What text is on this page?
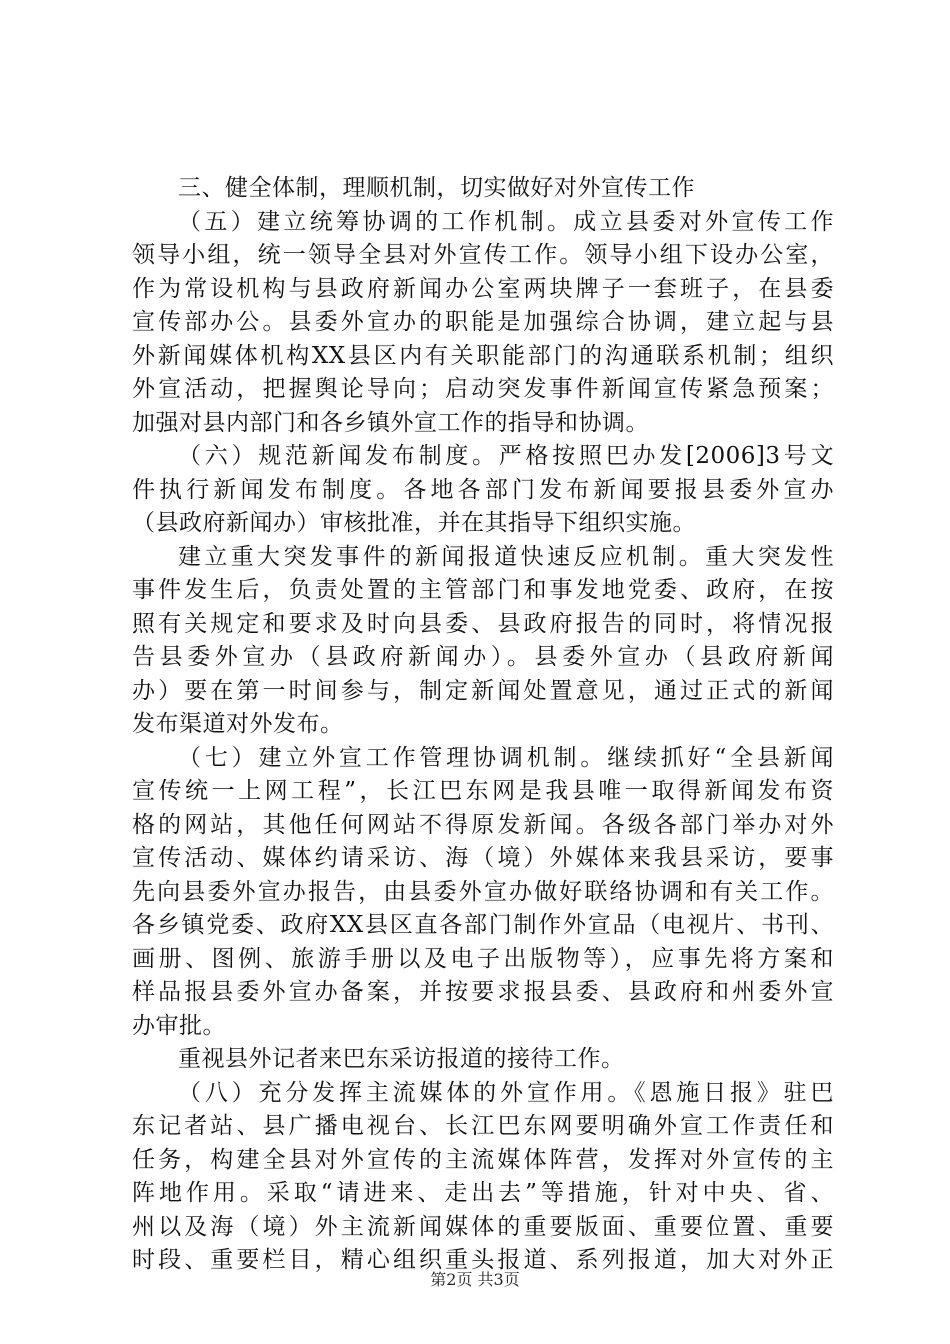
三、健全体制，理顺机制，切实做好对外宣传工作
（五）建立统筹协调的工作机制。成立县委对外宣传工作
领导小组，统一领导全县对外宣传工作。领导小组下设办公室，
作为常设机构与县政府新闻办公室两块牌子一套班子，在县委
宣传部办公。县委外宣办的职能是加强综合协调，建立起与县
外新闻媒体机构XX县区内有关职能部门的沟通联系机制；组织
外宣活动，把握舆论导向；启动突发事件新闻宣传紧急预案；
加强对县内部门和各乡镇外宣工作的指导和协调。
（六）规范新闻发布制度。严格按照巴办发[2006]3号文
件执行新闻发布制度。各地各部门发布新闻要报县委外宣办
（县政府新闻办）审核批准，并在其指导下组织实施。
建立重大突发事件的新闻报道快速反应机制。重大突发性
事件发生后，负责处置的主管部门和事发地党委、政府，在按
照有关规定和要求及时向县委、县政府报告的同时，将情况报
告县委外宣办（县政府新闻办）。县委外宣办（县政府新闻
办）要在第一时间参与，制定新闻处置意见，通过正式的新闻
发布渠道对外发布。
（七）建立外宣工作管理协调机制。继续抓好“全县新闻
宣传统一上网工程”，长江巴东网是我县唯一取得新闻发布资
格的网站，其他任何网站不得原发新闻。各级各部门举办对外
宣传活动、媒体约请采访、海（境）外媒体来我县采访，要事
先向县委外宣办报告，由县委外宣办做好联络协调和有关工作。
各乡镇党委、政府XX县区直各部门制作外宣品（电视片、书刊、
画册、图例、旅游手册以及电子出版物等），应事先将方案和
样品报县委外宣办备案，并按要求报县委、县政府和州委外宣
办审批。
重视县外记者来巴东采访报道的接待工作。
（八）充分发挥主流媒体的外宣作用。《恩施日报》驻巴
东记者站、县广播电视台、长江巴东网要明确外宣工作责任和
任务，构建全县对外宣传的主流媒体阵营，发挥对外宣传的主
阵地作用。采取“请进来、走出去”等措施，针对中央、省、
州以及海（境）外主流新闻媒体的重要版面、重要位置、重要
时段、重要栏目，精心组织重头报道、系列报道，加大对外正
第2页 共3页
